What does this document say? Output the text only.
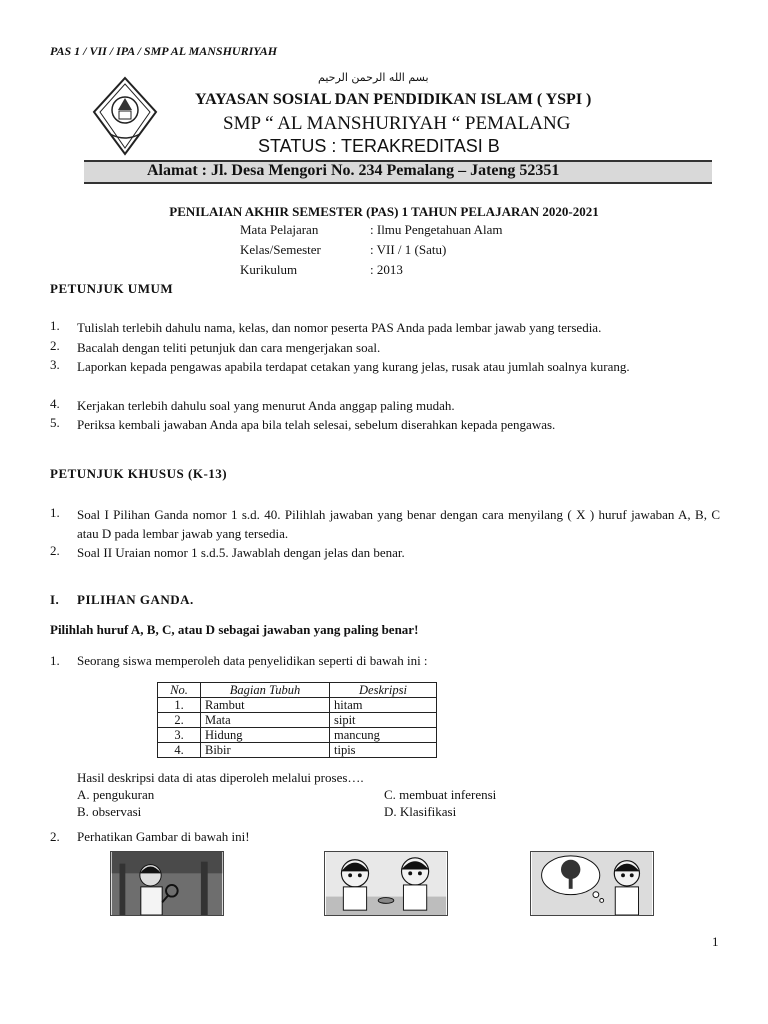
PAS 1 / VII / IPA / SMP AL MANSHURIYAH
بسم الله الرحمن الرحيم
YAYASAN SOSIAL DAN PENDIDIKAN ISLAM ( YSPI )
SMP “ AL MANSHURIYAH “ PEMALANG
STATUS : TERAKREDITASI B
Alamat : Jl. Desa Mengori No. 234 Pemalang – Jateng 52351
PENILAIAN AKHIR SEMESTER (PAS) 1 TAHUN PELAJARAN 2020-2021
Mata Pelajaran	: Ilmu Pengetahuan Alam
Kelas/Semester	: VII / 1 (Satu)
Kurikulum	: 2013
PETUNJUK UMUM
1. Tulislah terlebih dahulu nama, kelas, dan nomor peserta PAS Anda pada lembar jawab yang tersedia.
2. Bacalah dengan teliti petunjuk dan cara mengerjakan soal.
3. Laporkan kepada pengawas apabila terdapat cetakan yang kurang jelas, rusak atau jumlah soalnya kurang.
4. Kerjakan terlebih dahulu soal yang menurut Anda anggap paling mudah.
5. Periksa kembali jawaban Anda apa bila telah selesai, sebelum diserahkan kepada pengawas.
PETUNJUK KHUSUS (K-13)
1. Soal I Pilihan Ganda nomor 1 s.d. 40. Pilihlah jawaban yang benar dengan cara menyilang ( X ) huruf jawaban A, B, C atau D pada lembar jawab yang tersedia.
2. Soal II Uraian nomor 1 s.d.5. Jawablah dengan jelas dan benar.
I. PILIHAN GANDA.
Pilihlah huruf A, B, C, atau D sebagai jawaban yang paling benar!
1. Seorang siswa memperoleh data penyelidikan seperti di bawah ini :
No.	Bagian Tubuh	Deskripsi
1.	Rambut	hitam
2.	Mata	sipit
3.	Hidung	mancung
4.	Bibir	tipis
Hasil deskripsi data di atas diperoleh melalui proses….
A. pengukuran	C. membuat inferensi
B. observasi	D. Klasifikasi
2. Perhatikan Gambar di bawah ini!
1
